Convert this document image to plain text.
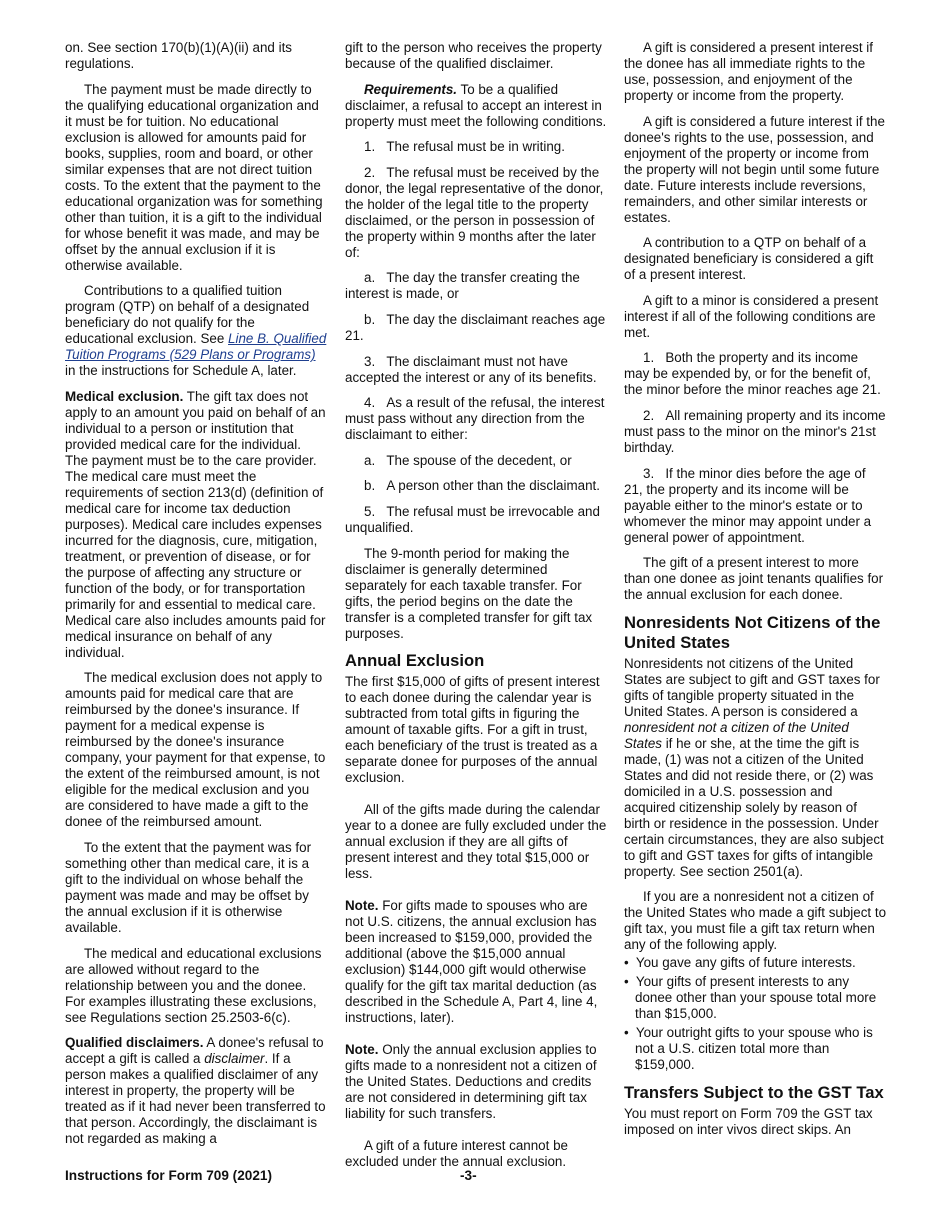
on. See section 170(b)(1)(A)(ii) and its regulations.

The payment must be made directly to the qualifying educational organization and it must be for tuition. No educational exclusion is allowed for amounts paid for books, supplies, room and board, or other similar expenses that are not direct tuition costs. To the extent that the payment to the educational organization was for something other than tuition, it is a gift to the individual for whose benefit it was made, and may be offset by the annual exclusion if it is otherwise available.

Contributions to a qualified tuition program (QTP) on behalf of a designated beneficiary do not qualify for the educational exclusion. See Line B. Qualified Tuition Programs (529 Plans or Programs) in the instructions for Schedule A, later.

Medical exclusion. The gift tax does not apply to an amount you paid on behalf of an individual to a person or institution that provided medical care for the individual. The payment must be to the care provider. The medical care must meet the requirements of section 213(d) (definition of medical care for income tax deduction purposes). Medical care includes expenses incurred for the diagnosis, cure, mitigation, treatment, or prevention of disease, or for the purpose of affecting any structure or function of the body, or for transportation primarily for and essential to medical care. Medical care also includes amounts paid for medical insurance on behalf of any individual.

The medical exclusion does not apply to amounts paid for medical care that are reimbursed by the donee's insurance. If payment for a medical expense is reimbursed by the donee's insurance company, your payment for that expense, to the extent of the reimbursed amount, is not eligible for the medical exclusion and you are considered to have made a gift to the donee of the reimbursed amount.

To the extent that the payment was for something other than medical care, it is a gift to the individual on whose behalf the payment was made and may be offset by the annual exclusion if it is otherwise available.

The medical and educational exclusions are allowed without regard to the relationship between you and the donee. For examples illustrating these exclusions, see Regulations section 25.2503-6(c).

Qualified disclaimers. A donee's refusal to accept a gift is called a disclaimer. If a person makes a qualified disclaimer of any interest in property, the property will be treated as if it had never been transferred to that person. Accordingly, the disclaimant is not regarded as making a

gift to the person who receives the property because of the qualified disclaimer.

Requirements. To be a qualified disclaimer, a refusal to accept an interest in property must meet the following conditions.

1.   The refusal must be in writing.

2.   The refusal must be received by the donor, the legal representative of the donor, the holder of the legal title to the property disclaimed, or the person in possession of the property within 9 months after the later of:

a.   The day the transfer creating the interest is made, or

b.   The day the disclaimant reaches age 21.

3.   The disclaimant must not have accepted the interest or any of its benefits.

4.   As a result of the refusal, the interest must pass without any direction from the disclaimant to either:

a.   The spouse of the decedent, or

b.   A person other than the disclaimant.

5.   The refusal must be irrevocable and unqualified.

The 9-month period for making the disclaimer is generally determined separately for each taxable transfer. For gifts, the period begins on the date the transfer is a completed transfer for gift tax purposes.

Annual Exclusion

The first $15,000 of gifts of present interest to each donee during the calendar year is subtracted from total gifts in figuring the amount of taxable gifts. For a gift in trust, each beneficiary of the trust is treated as a separate donee for purposes of the annual exclusion.

All of the gifts made during the calendar year to a donee are fully excluded under the annual exclusion if they are all gifts of present interest and they total $15,000 or less.

Note. For gifts made to spouses who are not U.S. citizens, the annual exclusion has been increased to $159,000, provided the additional (above the $15,000 annual exclusion) $144,000 gift would otherwise qualify for the gift tax marital deduction (as described in the Schedule A, Part 4, line 4, instructions, later).

Note. Only the annual exclusion applies to gifts made to a nonresident not a citizen of the United States. Deductions and credits are not considered in determining gift tax liability for such transfers.

A gift of a future interest cannot be excluded under the annual exclusion.

A gift is considered a present interest if the donee has all immediate rights to the use, possession, and enjoyment of the property or income from the property.

A gift is considered a future interest if the donee's rights to the use, possession, and enjoyment of the property or income from the property will not begin until some future date. Future interests include reversions, remainders, and other similar interests or estates.

A contribution to a QTP on behalf of a designated beneficiary is considered a gift of a present interest.

A gift to a minor is considered a present interest if all of the following conditions are met.

1.   Both the property and its income may be expended by, or for the benefit of, the minor before the minor reaches age 21.

2.   All remaining property and its income must pass to the minor on the minor's 21st birthday.

3.   If the minor dies before the age of 21, the property and its income will be payable either to the minor's estate or to whomever the minor may appoint under a general power of appointment.

The gift of a present interest to more than one donee as joint tenants qualifies for the annual exclusion for each donee.

Nonresidents Not Citizens of the United States

Nonresidents not citizens of the United States are subject to gift and GST taxes for gifts of tangible property situated in the United States. A person is considered a nonresident not a citizen of the United States if he or she, at the time the gift is made, (1) was not a citizen of the United States and did not reside there, or (2) was domiciled in a U.S. possession and acquired citizenship solely by reason of birth or residence in the possession. Under certain circumstances, they are also subject to gift and GST taxes for gifts of intangible property. See section 2501(a).

If you are a nonresident not a citizen of the United States who made a gift subject to gift tax, you must file a gift tax return when any of the following apply.

•  You gave any gifts of future interests.

•  Your gifts of present interests to any donee other than your spouse total more than $15,000.

•  Your outright gifts to your spouse who is not a U.S. citizen total more than $159,000.

Transfers Subject to the GST Tax

You must report on Form 709 the GST tax imposed on inter vivos direct skips. An

Instructions for Form 709 (2021)	-3-
